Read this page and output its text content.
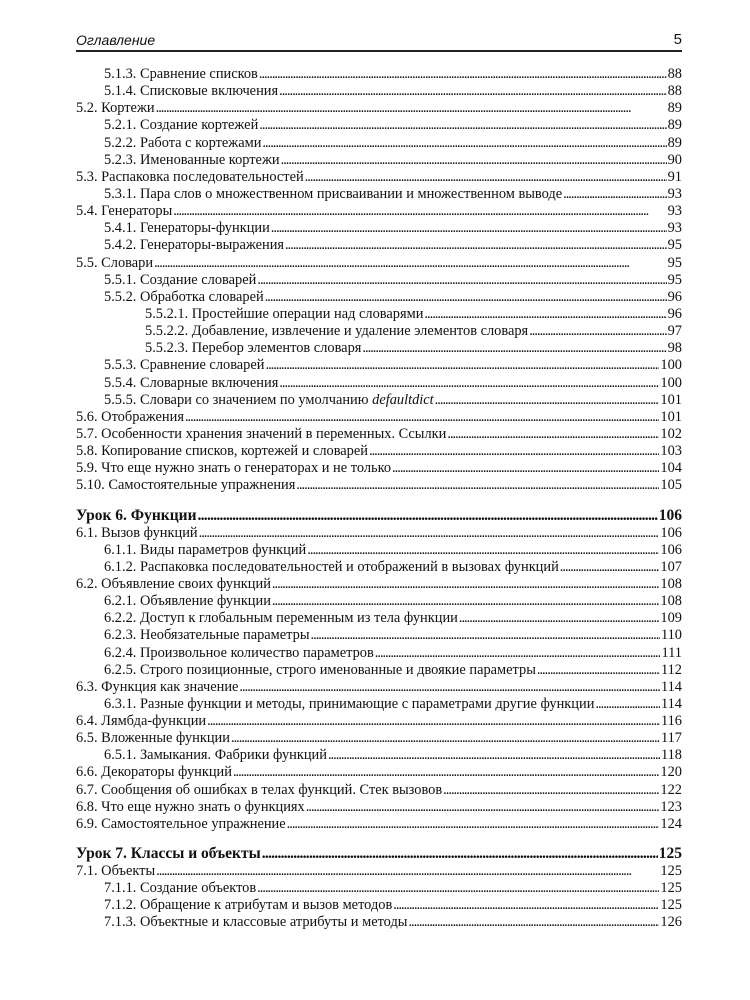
Оглавление	5
5.1.3. Сравнение списков . . .	88
5.1.4. Списковые включения . . .	88
5.2. Кортежи . . .	89
5.2.1. Создание кортежей . . .	89
5.2.2. Работа с кортежами . . .	89
5.2.3. Именованные кортежи . . .	90
5.3. Распаковка последовательностей . . .	91
5.3.1. Пара слов о множественном присваивании и множественном выводе . . .	93
5.4. Генераторы . . .	93
5.4.1. Генераторы-функции . . .	93
5.4.2. Генераторы-выражения . . .	95
5.5. Словари . . .	95
5.5.1. Создание словарей . . .	95
5.5.2. Обработка словарей . . .	96
5.5.2.1. Простейшие операции над словарями . . .	96
5.5.2.2. Добавление, извлечение и удаление элементов словаря . . .	97
5.5.2.3. Перебор элементов словаря . . .	98
5.5.3. Сравнение словарей . . .	100
5.5.4. Словарные включения . . .	100
5.5.5. Словари со значением по умолчанию defaultdict . . .	101
5.6. Отображения . . .	101
5.7. Особенности хранения значений в переменных. Ссылки . . .	102
5.8. Копирование списков, кортежей и словарей . . .	103
5.9. Что еще нужно знать о генераторах и не только . . .	104
5.10. Самостоятельные упражнения . . .	105
Урок 6. Функции . . .	106
6.1. Вызов функций . . .	106
6.1.1. Виды параметров функций . . .	106
6.1.2. Распаковка последовательностей и отображений в вызовах функций . . .	107
6.2. Объявление своих функций . . .	108
6.2.1. Объявление функции . . .	108
6.2.2. Доступ к глобальным переменным из тела функции . . .	109
6.2.3. Необязательные параметры . . .	110
6.2.4. Произвольное количество параметров . . .	111
6.2.5. Строго позиционные, строго именованные и двоякие параметры . . .	112
6.3. Функция как значение . . .	114
6.3.1. Разные функции и методы, принимающие с параметрами другие функции . . .	114
6.4. Лямбда-функции . . .	116
6.5. Вложенные функции . . .	117
6.5.1. Замыкания. Фабрики функций . . .	118
6.6. Декораторы функций . . .	120
6.7. Сообщения об ошибках в телах функций. Стек вызовов . . .	122
6.8. Что еще нужно знать о функциях . . .	123
6.9. Самостоятельное упражнение . . .	124
Урок 7. Классы и объекты . . .	125
7.1. Объекты . . .	125
7.1.1. Создание объектов . . .	125
7.1.2. Обращение к атрибутам и вызов методов . . .	125
7.1.3. Объектные и классовые атрибуты и методы . . .	126
